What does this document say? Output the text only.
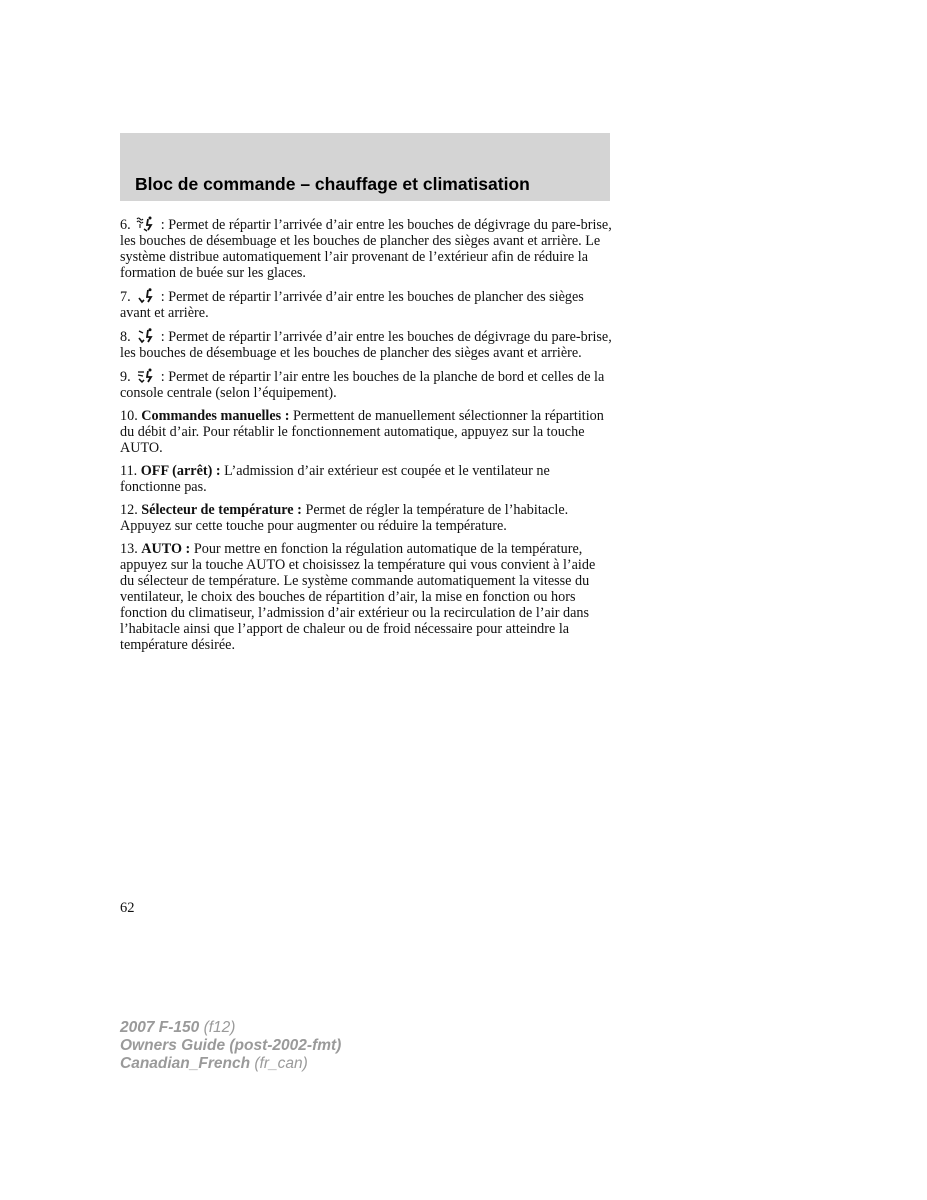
Bloc de commande – chauffage et climatisation

6.
: Permet de répartir l’arrivée d’air entre les bouches de dégivrage du pare-brise, les bouches de désembuage et les bouches de plancher des sièges avant et arrière. Le système distribue automatiquement l’air provenant de l’extérieur afin de réduire la formation de buée sur les glaces.

7.
: Permet de répartir l’arrivée d’air entre les bouches de plancher des sièges avant et arrière.

8.
: Permet de répartir l’arrivée d’air entre les bouches de dégivrage du pare-brise, les bouches de désembuage et les bouches de plancher des sièges avant et arrière.

9.
: Permet de répartir l’air entre les bouches de la planche de bord et celles de la console centrale (selon l’équipement).

10. Commandes manuelles : Permettent de manuellement sélectionner la répartition du débit d’air. Pour rétablir le fonctionnement automatique, appuyez sur la touche AUTO.

11. OFF (arrêt) : L’admission d’air extérieur est coupée et le ventilateur ne fonctionne pas.

12. Sélecteur de température : Permet de régler la température de l’habitacle. Appuyez sur cette touche pour augmenter ou réduire la température.

13. AUTO : Pour mettre en fonction la régulation automatique de la température, appuyez sur la touche AUTO et choisissez la température qui vous convient à l’aide du sélecteur de température. Le système commande automatiquement la vitesse du ventilateur, le choix des bouches de répartition d’air, la mise en fonction ou hors fonction du climatiseur, l’admission d’air extérieur ou la recirculation de l’air dans l’habitacle ainsi que l’apport de chaleur ou de froid nécessaire pour atteindre la température désirée.

62
2007 F-150 (f12)
Owners Guide (post-2002-fmt)
Canadian_French (fr_can)
